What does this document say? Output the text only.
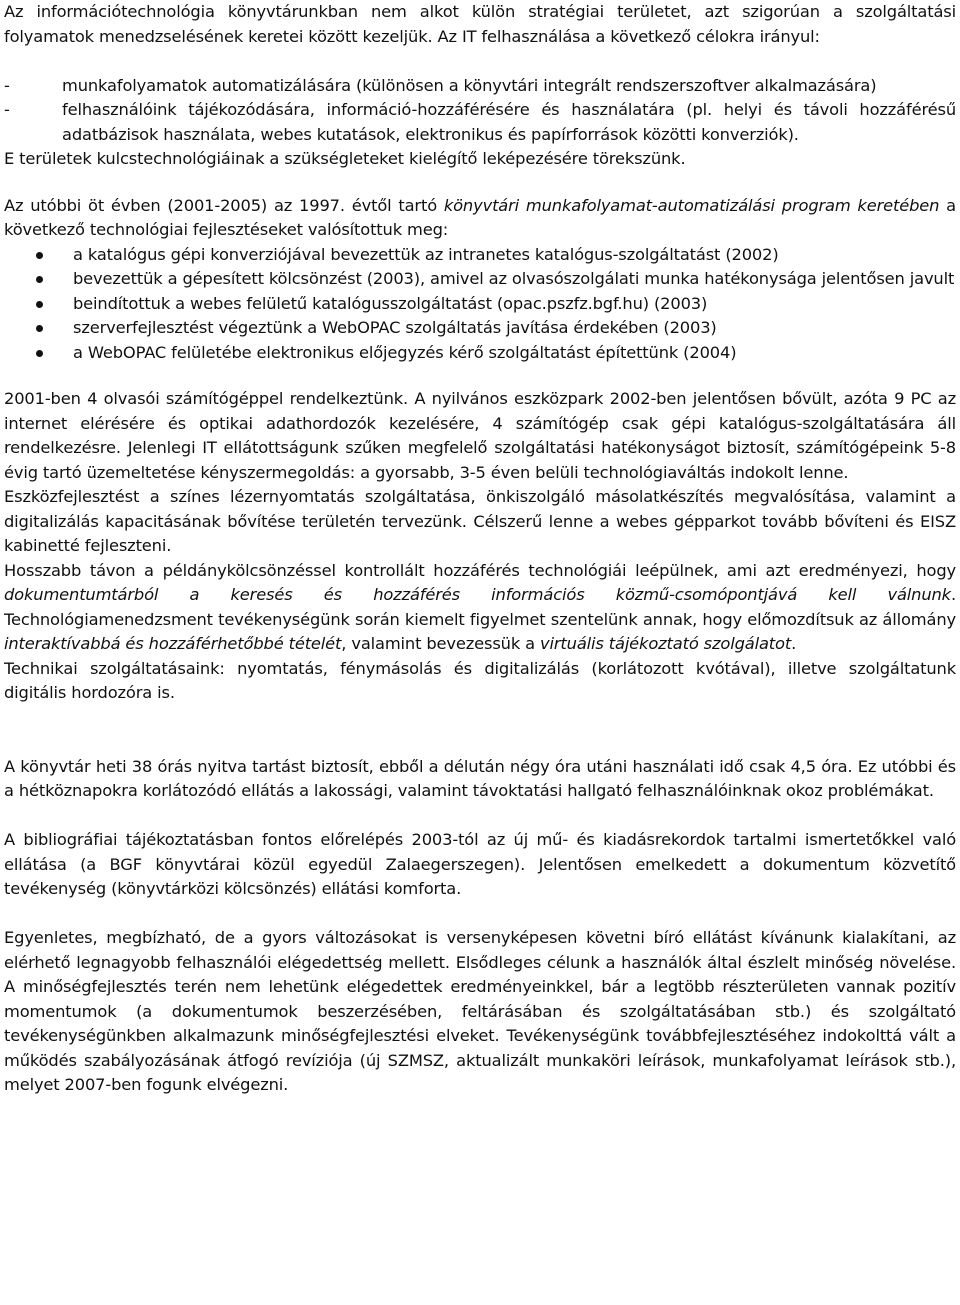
Az információtechnológia könyvtárunkban nem alkot külön stratégiai területet, azt szigorúan a szolgáltatási folyamatok menedzselésének keretei között kezeljük. Az IT felhasználása a következő célokra irányul:

-	munkafolyamatok automatizálására (különösen a könyvtári integrált rendszerszoftver alkalmazására)
-	felhasználóink tájékozódására, információ-hozzáférésére és használatára (pl. helyi és távoli hozzáférésű adatbázisok használata, webes kutatások, elektronikus és papírforrások közötti konverziók).

E területek kulcstechnológiáinak a szükségleteket kielégítő leképezésére törekszünk.

Az utóbbi öt évben (2001-2005) az 1997. évtől tartó könyvtári munkafolyamat-automatizálási program keretében a következő technológiai fejlesztéseket valósítottuk meg:

a katalógus gépi konverziójával bevezettük az intranetes katalógus-szolgáltatást (2002)
bevezettük a gépesített kölcsönzést (2003), amivel az olvasószolgálati munka hatékonysága jelentősen javult
beindítottuk a webes felületű katalógusszolgáltatást (opac.pszfz.bgf.hu) (2003)
szerverfejlesztést végeztünk a WebOPAC szolgáltatás javítása érdekében (2003)
a WebOPAC felületébe elektronikus előjegyzés kérő szolgáltatást építettünk (2004)

2001-ben 4 olvasói számítógéppel rendelkeztünk. A nyilvános eszközpark 2002-ben jelentősen bővült, azóta 9 PC az internet elérésére és optikai adathordozók kezelésére, 4 számítógép csak gépi katalógus-szolgáltatására áll rendelkezésre. Jelenlegi IT ellátottságunk szűken megfelelő szolgáltatási hatékonyságot biztosít, számítógépeink 5-8 évig tartó üzemeltetése kényszermegoldás: a gyorsabb, 3-5 éven belüli technológiaváltás indokolt lenne.

Eszközfejlesztést a színes lézernyomtatás szolgáltatása, önkiszolgáló másolatkészítés megvalósítása, valamint a digitalizálás kapacitásának bővítése területén tervezünk. Célszerű lenne a webes gépparkot tovább bővíteni és EISZ kabinetté fejleszteni.

Hosszabb távon a példánykölcsönzéssel kontrollált hozzáférés technológiái leépülnek, ami azt eredményezi, hogy dokumentumtárból a keresés és hozzáférés információs közmű-csomópontjává kell válnunk. Technológiamenedzsment tevékenységünk során kiemelt figyelmet szentelünk annak, hogy előmozdítsuk az állomány interaktívabbá és hozzáférhetőbbé tételét, valamint bevezessük a virtuális tájékoztató szolgálatot.

Technikai szolgáltatásaink: nyomtatás, fénymásolás és digitalizálás (korlátozott kvótával), illetve szolgáltatunk digitális hordozóra is.

A könyvtár heti 38 órás nyitva tartást biztosít, ebből a délután négy óra utáni használati idő csak 4,5 óra. Ez utóbbi és a hétköznapokra korlátozódó ellátás a lakossági, valamint távoktatási hallgató felhasználóinknak okoz problémákat.

A bibliográfiai tájékoztatásban fontos előrelépés 2003-tól az új mű- és kiadásrekordok tartalmi ismertetőkkel való ellátása (a BGF könyvtárai közül egyedül Zalaegerszegen). Jelentősen emelkedett a dokumentum közvetítő tevékenység (könyvtárközi kölcsönzés) ellátási komforta.

Egyenletes, megbízható, de a gyors változásokat is versenyképesen követni bíró ellátást kívánunk kialakítani, az elérhető legnagyobb felhasználói elégedettség mellett. Elsődleges célunk a használók által észlelt minőség növelése. A minőségfejlesztés terén nem lehetünk elégedettek eredményeinkkel, bár a legtöbb részterületen vannak pozitív momentumok (a dokumentumok beszerzésében, feltárásában és szolgáltatásában stb.) és szolgáltató tevékenységünkben alkalmazunk minőségfejlesztési elveket. Tevékenységünk továbbfejlesztéséhez indokolttá vált a működés szabályozásának átfogó revíziója (új SZMSZ, aktualizált munkaköri leírások, munkafolyamat leírások stb.), melyet 2007-ben fogunk elvégezni.
